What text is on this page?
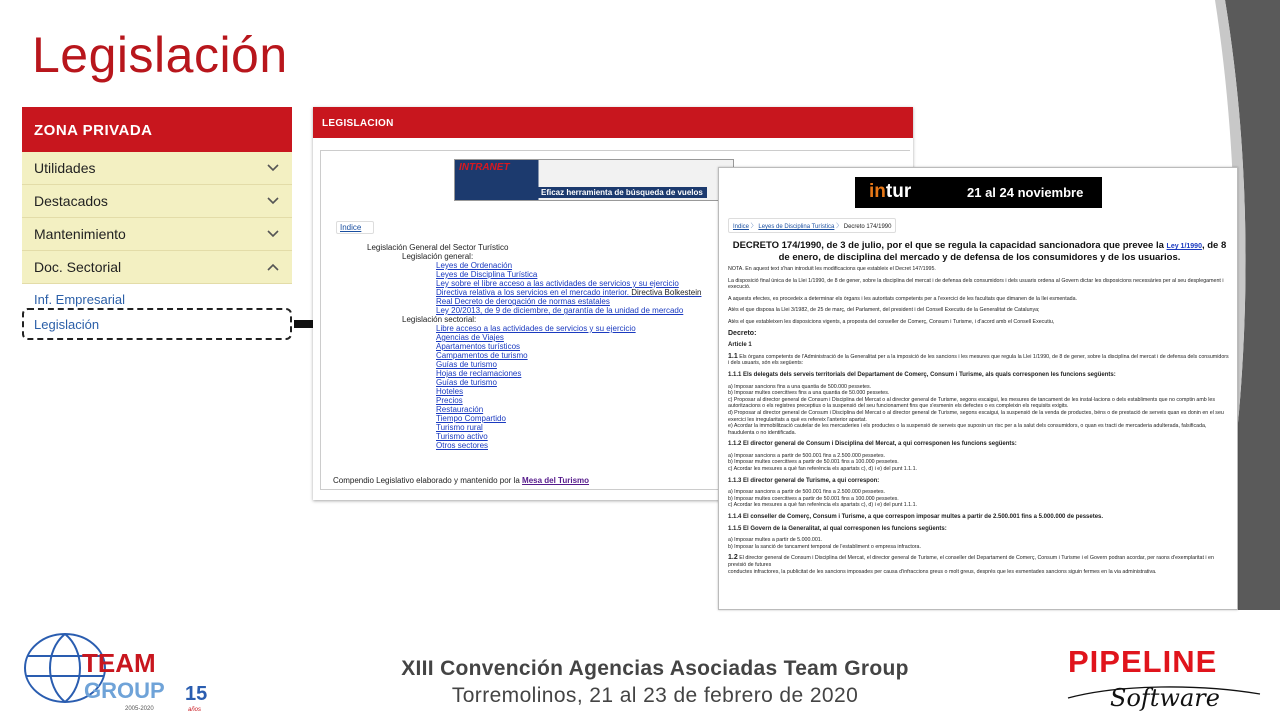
Legislación
ZONA PRIVADA
Utilidades
Destacados
Mantenimiento
Doc. Sectorial
Inf. Empresarial
Legislación
LEGISLACION
INTRANET
Eficaz herramienta de búsqueda de vuelos
Indice
Legislación General del Sector Turístico
Legislación general:
Leyes de Ordenación
Leyes de Disciplina Turística
Ley sobre el libre acceso a las actividades de servicios y su ejercicio
Directiva relativa a los servicios en el mercado interior. Directiva Bolkestein
Real Decreto de derogación de normas estatales
Ley 20/2013, de 9 de diciembre, de garantía de la unidad de mercado
Legislación sectorial:
Libre acceso a las actividades de servicios y su ejercicio
Agencias de Viajes
Apartamentos turísticos
Campamentos de turismo
Guías de turismo
Hojas de reclamaciones
Guías de turismo
Hoteles
Precios
Restauración
Tiempo Compartido
Turismo rural
Turismo activo
Otros sectores
Compendio Legislativo elaborado y mantenido por la Mesa del Turismo
intur	21 al 24 noviembre
Indice 〉 Leyes de Disciplina Turística 〉 Decreto 174/1990
DECRETO 174/1990, de 3 de julio, por el que se regula la capacidad sancionadora que prevee la Ley 1/1990, de 8 de enero, de disciplina del mercado y de defensa de los consumidores y de los usuarios.

NOTA. En aquest text s'han introduït les modificacions que estableix el Decret 147/1995.

La disposició final única de la Llei 1/1990, de 8 de gener, sobre la disciplina del mercat i de defensa dels consumidors i dels usuaris ordena al Govern dictar les disposicions necessàries per al seu desplegament i execució.

A aquests efectes, es procedeix a determinar els òrgans i les autoritats competents per a l'exercici de les facultats que dimanen de la llei esmentada.

Atès el que disposa la Llei 3/1982, de 25 de març, del Parlament, del president i del Consell Executiu de la Generalitat de Catalunya;

Atès el que estableixen les disposicions vigents, a proposta del conseller de Comerç, Consum i Turisme, i d'acord amb el Consell Executiu,

Decreto:

Article 1

1.1 Els òrgans competents de l'Administració de la Generalitat per a la imposició de les sancions i les mesures que regula la Llei 1/1990, de 8 de gener, sobre la disciplina del mercat i de defensa dels consumidors i dels usuaris, són els següents:

1.1.1 Els delegats dels serveis territorials del Departament de Comerç, Consum i Turisme, als quals corresponen les funcions següents:

a) Imposar sancions fins a una quantia de 500.000 pessetes.
b) Imposar multes coercitives fins a una quantia de 50.000 pessetes.
c) Proposar al director general de Consum i Disciplina del Mercat o al director general de Turisme, segons escaigui, les mesures de tancament de les instal·lacions o dels establiments que no comptin amb les autoritzacions o els registres preceptius o la suspensió del seu funcionament fins que s'esmenin els defectes o es compleixin els requisits exigits.
d) Proposar al director general de Consum i Disciplina del Mercat o al director general de Turisme, segons escaigui, la suspensió de la venda de productes, béns o de prestació de serveis quan es donin en el seu exercici les irregularitats a què es refereix l'anterior apartat.
e) Acordar la immobilització cautelar de les mercaderies i els productes o la suspensió de serveis que suposin un risc per a la salut dels consumidors, o quan es tracti de mercaderia adulterada, falsificada, fraudulenta o no identificada.

1.1.2 El director general de Consum i Disciplina del Mercat, a qui corresponen les funcions següents:

a) Imposar sancions a partir de 500.001 fins a 2.500.000 pessetes.
b) Imposar multes coercitives a partir de 50.001 fins a 100.000 pessetes.
c) Acordar les mesures a què fan referència els apartats c), d) i e) del punt 1.1.1.

1.1.3 El director general de Turisme, a qui correspon:

a) Imposar sancions a partir de 500.001 fins a 2.500.000 pessetes.
b) Imposar multes coercitives a partir de 50.001 fins a 100.000 pessetes.
c) Acordar les mesures a què fan referència els apartats c), d) i e) del punt 1.1.1.

1.1.4 El conseller de Comerç, Consum i Turisme, a que correspon imposar multes a partir de 2.500.001 fins a 5.000.000 de pessetes.

1.1.5 El Govern de la Generalitat, al qual corresponen les funcions següents:

a) Imposar multes a partir de 5.000.001.
b) Imposar la sanció de tancament temporal de l'establiment o empresa infractora.

1.2 El director general de Consum i Disciplina del Mercat, el director general de Turisme, el conseller del Departament de Comerç, Consum i Turisme i el Govern podran acordar, per raons d'exemplaritat i en previsió de futures
conductes infractores, la publicitat de les sancions imposades per causa d'infraccions greus o molt greus, després que les esmentades sancions siguin fermes en la via administrativa.

TEAM
GROUP 15
2005-2020	años
XIII Convención Agencias Asociadas Team Group
Torremolinos, 21 al 23 de febrero de 2020
PIPELINE
Software
